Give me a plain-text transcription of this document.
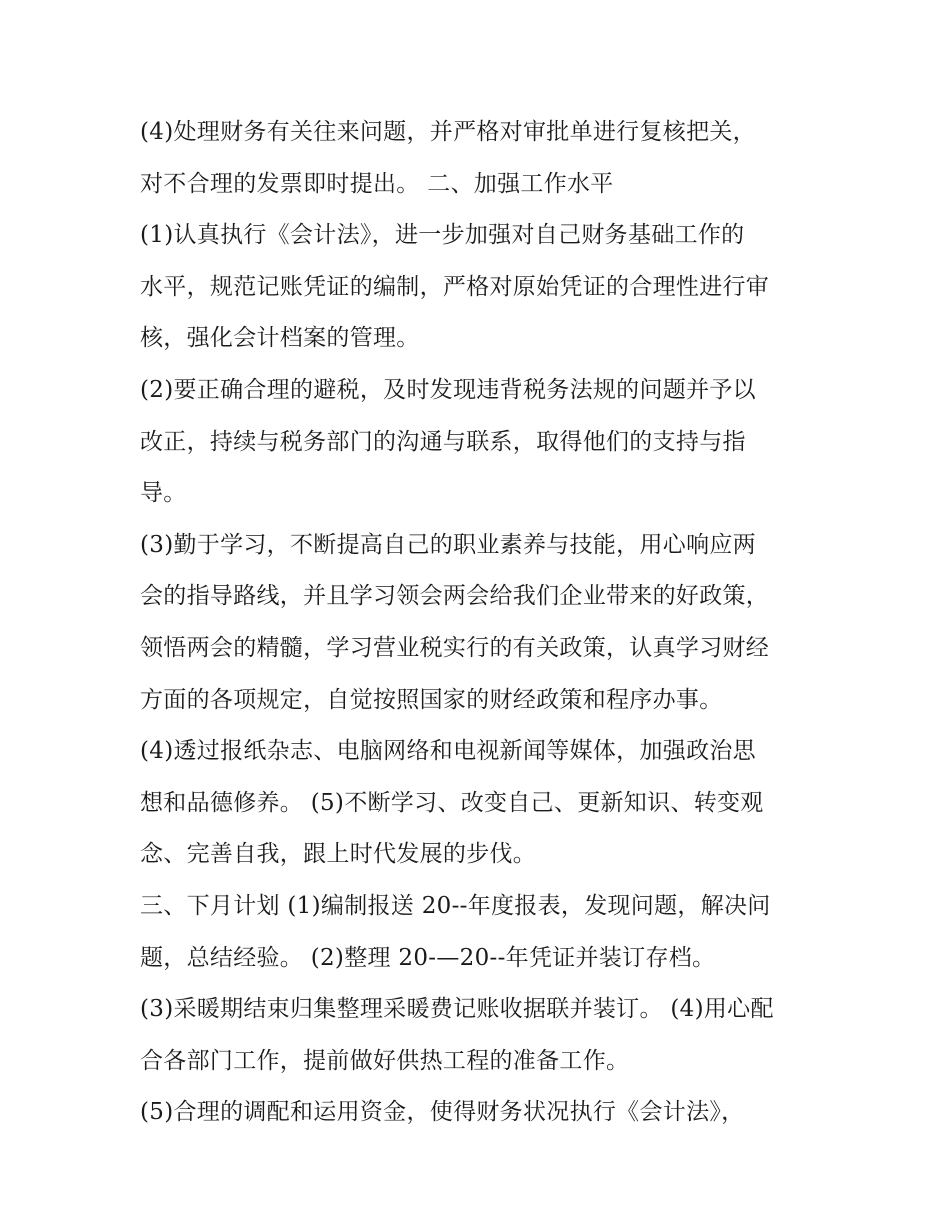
(4)处理财务有关往来问题，并严格对审批单进行复核把关，
对不合理的发票即时提出。 二、加强工作水平
(1)认真执行《会计法》，进一步加强对自己财务基础工作的
水平，规范记账凭证的编制，严格对原始凭证的合理性进行审
核，强化会计档案的管理。
(2)要正确合理的避税，及时发现违背税务法规的问题并予以
改正，持续与税务部门的沟通与联系，取得他们的支持与指
导。
(3)勤于学习，不断提高自己的职业素养与技能，用心响应两
会的指导路线，并且学习领会两会给我们企业带来的好政策，
领悟两会的精髓，学习营业税实行的有关政策，认真学习财经
方面的各项规定，自觉按照国家的财经政策和程序办事。
(4)透过报纸杂志、电脑网络和电视新闻等媒体，加强政治思
想和品德修养。 (5)不断学习、改变自己、更新知识、转变观
念、完善自我，跟上时代发展的步伐。
三、下月计划 (1)编制报送 20--年度报表，发现问题，解决问
题，总结经验。 (2)整理 20-—20--年凭证并装订存档。
(3)采暖期结束归集整理采暖费记账收据联并装订。 (4)用心配
合各部门工作，提前做好供热工程的准备工作。
(5)合理的调配和运用资金，使得财务状况执行《会计法》，
